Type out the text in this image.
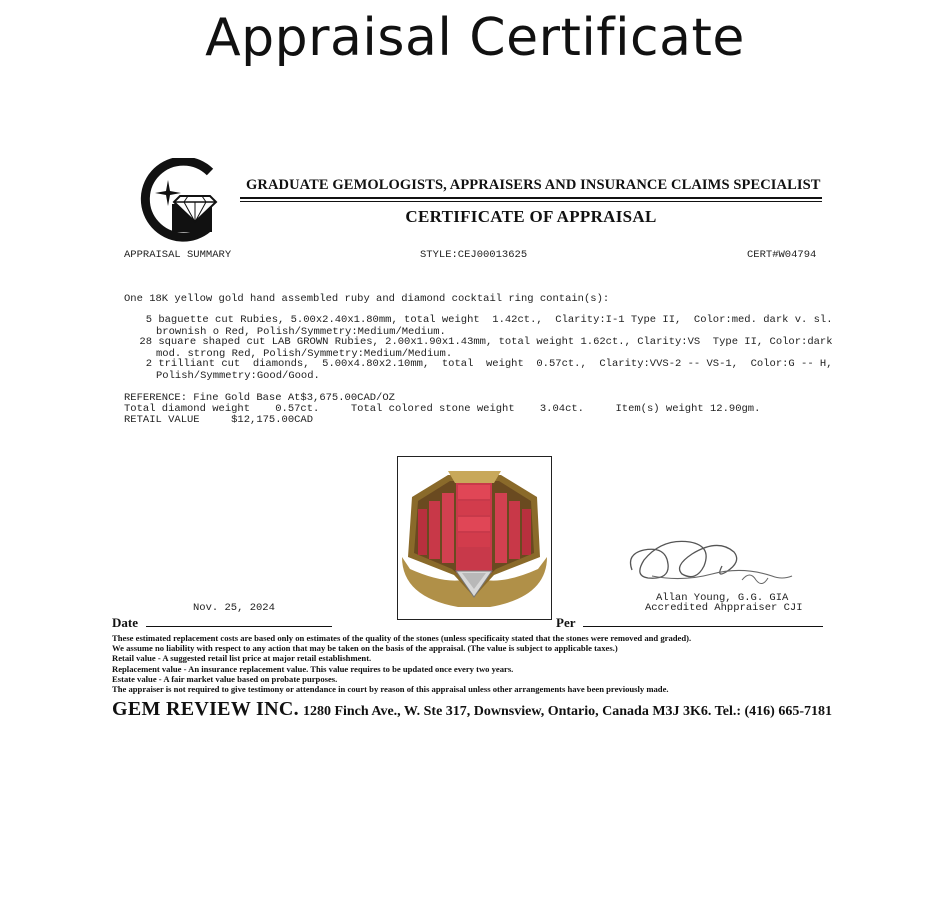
Appraisal Certificate
GRADUATE GEMOLOGISTS, APPRAISERS AND INSURANCE CLAIMS SPECIALIST
CERTIFICATE OF APPRAISAL
APPRAISAL SUMMARY	STYLE:CEJ00013625	CERT#W04794
One 18K yellow gold hand assembled ruby and diamond cocktail ring contain(s):
5 baguette cut Rubies, 5.00x2.40x1.80mm, total weight  1.42ct.,  Clarity:I-1 Type II,  Color:med. dark v. sl.
brownish o Red, Polish/Symmetry:Medium/Medium.
28 square shaped cut LAB GROWN Rubies, 2.00x1.90x1.43mm, total weight 1.62ct., Clarity:VS  Type II, Color:dark
mod. strong Red, Polish/Symmetry:Medium/Medium.
2 trilliant cut  diamonds,  5.00x4.80x2.10mm,  total  weight  0.57ct.,  Clarity:VVS-2 -- VS-1,  Color:G -- H,
Polish/Symmetry:Good/Good.
REFERENCE: Fine Gold Base At$3,675.00CAD/OZ
Total diamond weight    0.57ct.     Total colored stone weight    3.04ct.     Item(s) weight 12.90gm.
RETAIL VALUE     $12,175.00CAD
Nov. 25, 2024
Allan Young, G.G. GIA
Accredited Ahppraiser CJI
Date	Per
These estimated replacement costs are based only on estimates of the quality of the stones (unless specificaity stated that the stones were removed and graded).
We assume no liability with respect to any action that may be taken on the basis of the appraisal. (The value is subject to applicable taxes.)
Retail value - A suggested retail list price at major retail establishment.
Replacement value - An insurance replacement value. This value requires to be updated once every two years.
Estate value - A fair market value based on probate purposes.
The appraiser is not required to give testimony or attendance in court by reason of this appraisal unless other arrangements have been previously made.
GEM REVIEW INC. 1280 Finch Ave., W. Ste 317, Downsview, Ontario, Canada M3J 3K6. Tel.: (416) 665-7181
